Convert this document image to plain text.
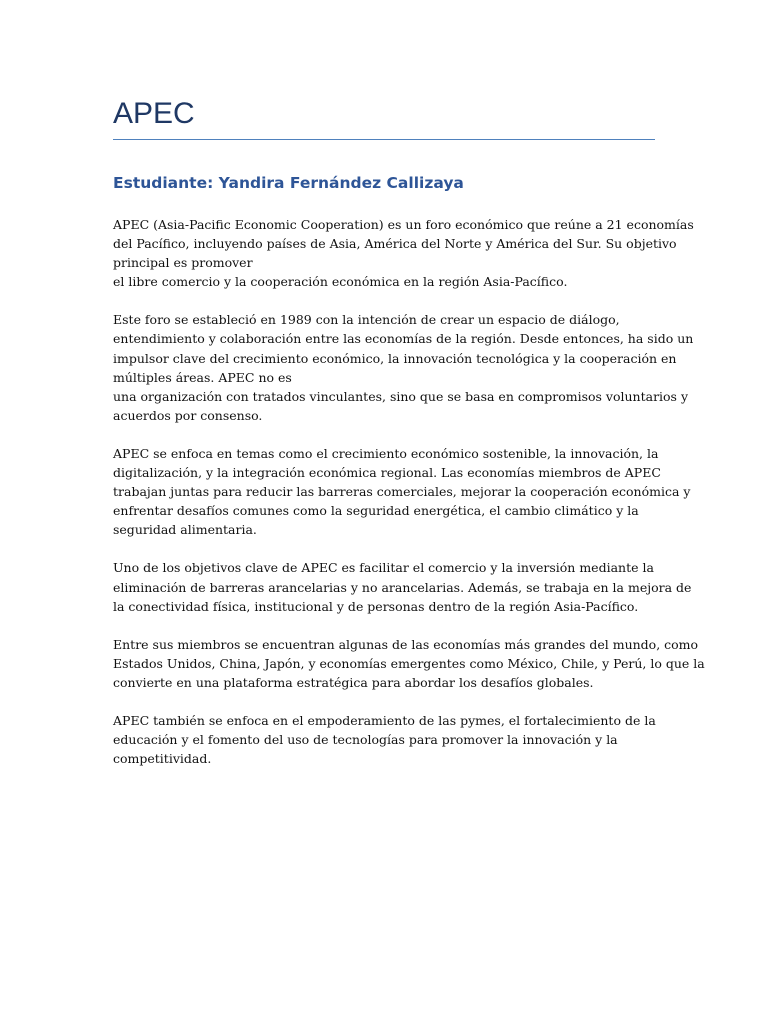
APEC
Estudiante: Yandira Fernández Callizaya

APEC (Asia-Pacific Economic Cooperation) es un foro económico que reúne a 21 economías
del Pacífico, incluyendo países de Asia, América del Norte y América del Sur. Su objetivo
principal es promover
el libre comercio y la cooperación económica en la región Asia-Pacífico.

Este foro se estableció en 1989 con la intención de crear un espacio de diálogo,
entendimiento y colaboración entre las economías de la región. Desde entonces, ha sido un
impulsor clave del crecimiento económico, la innovación tecnológica y la cooperación en
múltiples áreas. APEC no es
una organización con tratados vinculantes, sino que se basa en compromisos voluntarios y
acuerdos por consenso.

APEC se enfoca en temas como el crecimiento económico sostenible, la innovación, la
digitalización, y la integración económica regional. Las economías miembros de APEC
trabajan juntas para reducir las barreras comerciales, mejorar la cooperación económica y
enfrentar desafíos comunes como la seguridad energética, el cambio climático y la
seguridad alimentaria.

Uno de los objetivos clave de APEC es facilitar el comercio y la inversión mediante la
eliminación de barreras arancelarias y no arancelarias. Además, se trabaja en la mejora de
la conectividad física, institucional y de personas dentro de la región Asia-Pacífico.

Entre sus miembros se encuentran algunas de las economías más grandes del mundo, como
Estados Unidos, China, Japón, y economías emergentes como México, Chile, y Perú, lo que la
convierte en una plataforma estratégica para abordar los desafíos globales.

APEC también se enfoca en el empoderamiento de las pymes, el fortalecimiento de la
educación y el fomento del uso de tecnologías para promover la innovación y la
competitividad.
